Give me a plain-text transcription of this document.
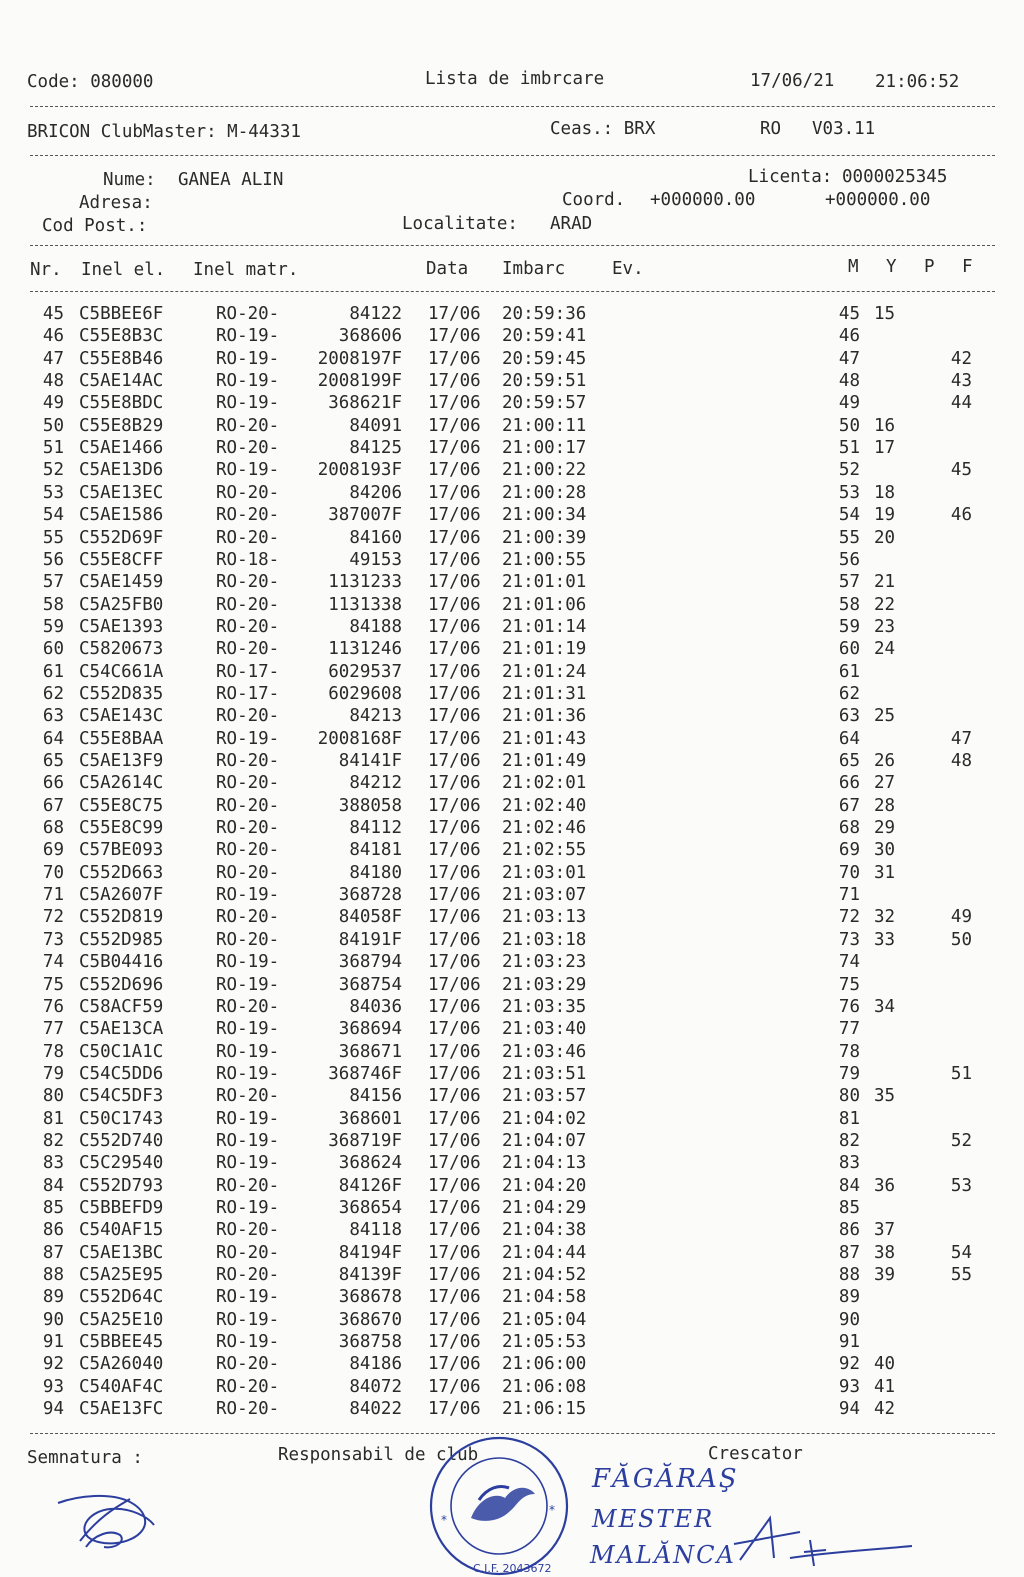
Code: 080000	Lista de imbrcare	17/06/21 21:06:52
BRICON ClubMaster: M-44331	Ceas.: BRX	RO V03.11
Nume: GANEA ALIN	Licenta: 0000025345
Adresa:	Coord. +000000.00	+000000.00
Cod Post.:	Localitate: ARAD
Nr. Inel el. Inel matr.	Data Imbarc	Ev.	M Y P F
45 C5BBEE6F	RO-20-	84122 17/06	20:59:36	45 15
46 C55E8B3C	RO-19-	368606 17/06	20:59:41	46
47 C55E8B46	RO-19-	2008197F 17/06	20:59:45	47	42
48 C5AE14AC	RO-19-	2008199F 17/06	20:59:51	48	43
49 C55E8BDC	RO-19-	368621F 17/06	20:59:57	49	44
50 C55E8B29	RO-20-	84091 17/06	21:00:11	50 16
51 C5AE1466	RO-20-	84125 17/06	21:00:17	51 17
52 C5AE13D6	RO-19-	2008193F 17/06	21:00:22	52	45
53 C5AE13EC	RO-20-	84206 17/06	21:00:28	53 18
54 C5AE1586	RO-20-	387007F 17/06	21:00:34	54 19	46
55 C552D69F	RO-20-	84160 17/06	21:00:39	55 20
56 C55E8CFF	RO-18-	49153 17/06	21:00:55	56
57 C5AE1459	RO-20-	1131233 17/06	21:01:01	57 21
58 C5A25FB0	RO-20-	1131338 17/06	21:01:06	58 22
59 C5AE1393	RO-20-	84188 17/06	21:01:14	59 23
60 C5820673	RO-20-	1131246 17/06	21:01:19	60 24
61 C54C661A	RO-17-	6029537 17/06	21:01:24	61
62 C552D835	RO-17-	6029608 17/06	21:01:31	62
63 C5AE143C	RO-20-	84213 17/06	21:01:36	63 25
64 C55E8BAA	RO-19-	2008168F 17/06	21:01:43	64	47
65 C5AE13F9	RO-20-	84141F 17/06	21:01:49	65 26	48
66 C5A2614C	RO-20-	84212 17/06	21:02:01	66 27
67 C55E8C75	RO-20-	388058 17/06	21:02:40	67 28
68 C55E8C99	RO-20-	84112 17/06	21:02:46	68 29
69 C57BE093	RO-20-	84181 17/06	21:02:55	69 30
70 C552D663	RO-20-	84180 17/06	21:03:01	70 31
71 C5A2607F	RO-19-	368728 17/06	21:03:07	71
72 C552D819	RO-20-	84058F 17/06	21:03:13	72 32	49
73 C552D985	RO-20-	84191F 17/06	21:03:18	73 33	50
74 C5B04416	RO-19-	368794 17/06	21:03:23	74
75 C552D696	RO-19-	368754 17/06	21:03:29	75
76 C58ACF59	RO-20-	84036 17/06	21:03:35	76 34
77 C5AE13CA	RO-19-	368694 17/06	21:03:40	77
78 C50C1A1C	RO-19-	368671 17/06	21:03:46	78
79 C54C5DD6	RO-19-	368746F 17/06	21:03:51	79	51
80 C54C5DF3	RO-20-	84156 17/06	21:03:57	80 35
81 C50C1743	RO-19-	368601 17/06	21:04:02	81
82 C552D740	RO-19-	368719F 17/06	21:04:07	82	52
83 C5C29540	RO-19-	368624 17/06	21:04:13	83
84 C552D793	RO-20-	84126F 17/06	21:04:20	84 36	53
85 C5BBEFD9	RO-19-	368654 17/06	21:04:29	85
86 C540AF15	RO-20-	84118 17/06	21:04:38	86 37
87 C5AE13BC	RO-20-	84194F 17/06	21:04:44	87 38	54
88 C5A25E95	RO-20-	84139F 17/06	21:04:52	88 39	55
89 C552D64C	RO-19-	368678 17/06	21:04:58	89
90 C5A25E10	RO-19-	368670 17/06	21:05:04	90
91 C5BBEE45	RO-19-	368758 17/06	21:05:53	91
92 C5A26040	RO-20-	84186 17/06	21:06:00	92 40
93 C540AF4C	RO-20-	84072 17/06	21:06:08	93 41
94 C5AE13FC	RO-20-	84022 17/06	21:06:15	94 42
Semnatura :	Responsabil de club	Crescator
*
*
C.I.F. 2043672
FĂGĂRAŞ
MESTER
MALĂNCA
